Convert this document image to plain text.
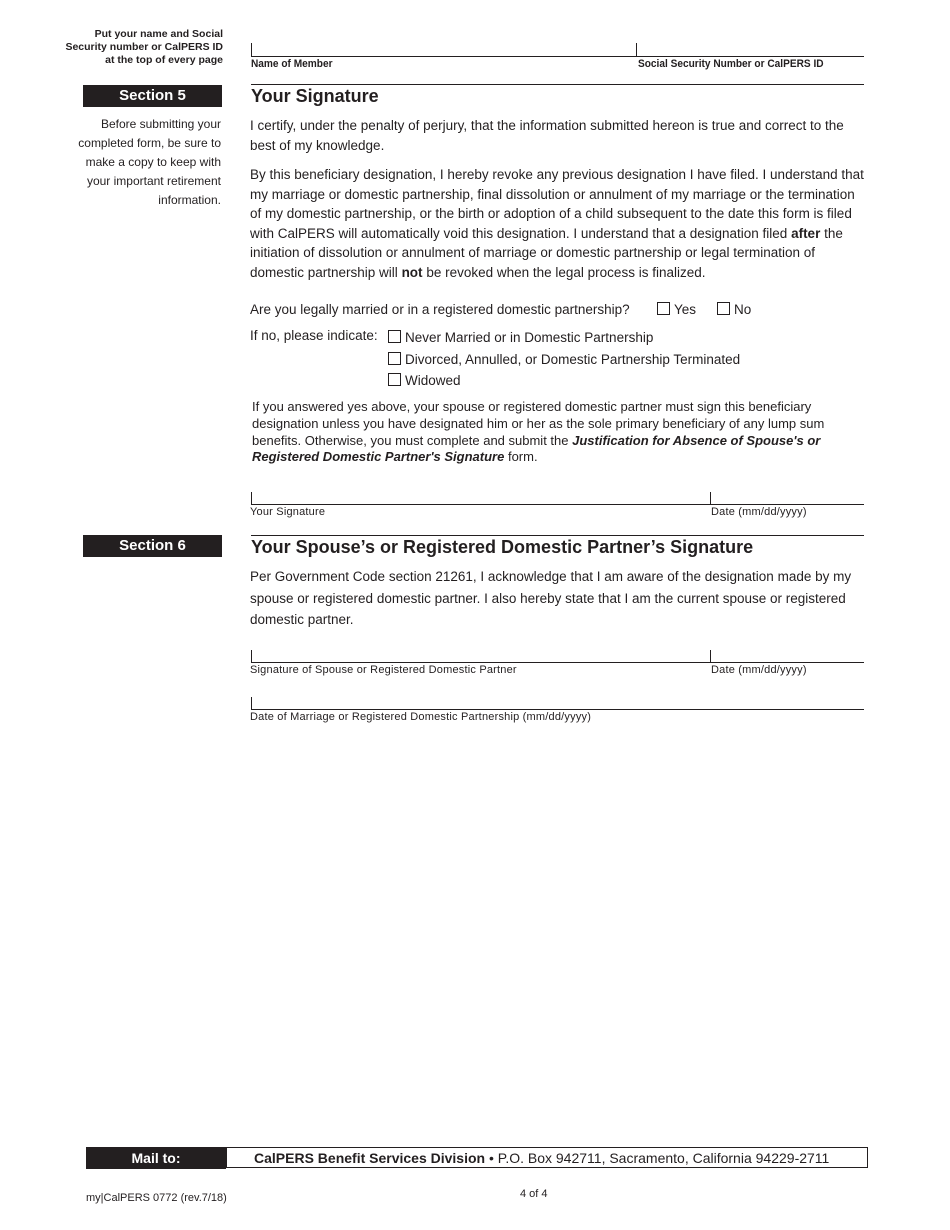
Put your name and Social Security number or CalPERS ID at the top of every page	Name of Member	Social Security Number or CalPERS ID
Section 5	Your Signature
Before submitting your completed form, be sure to make a copy to keep with your important retirement information.
I certify, under the penalty of perjury, that the information submitted hereon is true and correct to the best of my knowledge.
By this beneficiary designation, I hereby revoke any previous designation I have filed. I understand that my marriage or domestic partnership, final dissolution or annulment of my marriage or the termination of my domestic partnership, or the birth or adoption of a child subsequent to the date this form is filed with CalPERS will automatically void this designation. I understand that a designation filed after the initiation of dissolution or annulment of marriage or domestic partnership or legal termination of domestic partnership will not be revoked when the legal process is finalized.
Are you legally married or in a registered domestic partnership?	Yes	No
If no, please indicate:	Never Married or in Domestic Partnership
Divorced, Annulled, or Domestic Partnership Terminated
Widowed
If you answered yes above, your spouse or registered domestic partner must sign this beneficiary designation unless you have designated him or her as the sole primary beneficiary of any lump sum benefits. Otherwise, you must complete and submit the Justification for Absence of Spouse's or Registered Domestic Partner's Signature form.
Your Signature	Date (mm/dd/yyyy)
Section 6	Your Spouse’s or Registered Domestic Partner’s Signature
Per Government Code section 21261, I acknowledge that I am aware of the designation made by my spouse or registered domestic partner. I also hereby state that I am the current spouse or registered domestic partner.
Signature of Spouse or Registered Domestic Partner	Date (mm/dd/yyyy)
Date of Marriage or Registered Domestic Partnership (mm/dd/yyyy)
Mail to:	CalPERS Benefit Services Division • P.O. Box 942711, Sacramento, California 94229-2711
my|CalPERS 0772 (rev.7/18)	4 of 4
